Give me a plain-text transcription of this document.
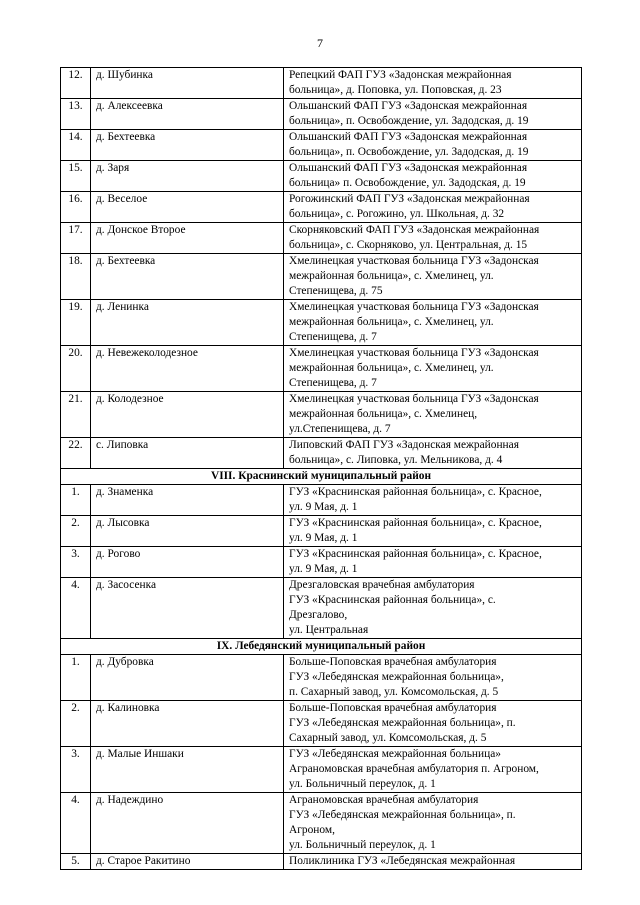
7
12.	д. Шубинка	Репецкий ФАП ГУЗ «Задонская межрайонная
больница», д. Поповка, ул. Поповская, д. 23

13.	д. Алексеевка	Ольшанский ФАП ГУЗ «Задонская межрайонная
больница», п. Освобождение, ул. Задодская, д. 19

14.	д. Бехтеевка	Ольшанский ФАП ГУЗ «Задонская межрайонная
больница», п. Освобождение, ул. Задодская, д. 19

15.	д. Заря	Ольшанский ФАП ГУЗ «Задонская межрайонная
больница» п. Освобождение, ул. Задодская, д. 19

16.	д. Веселое	Рогожинский ФАП ГУЗ «Задонская межрайонная
больница», с. Рогожино, ул. Школьная, д. 32

17.	д. Донское Второе	Скорняковский ФАП ГУЗ «Задонская межрайонная
больница», с. Скорняково, ул. Центральная, д. 15

18.	д. Бехтеевка	Хмелинецкая участковая больница ГУЗ «Задонская
межрайонная больница», с. Хмелинец, ул.
Степенищева, д. 75

19.	д. Ленинка	Хмелинецкая участковая больница ГУЗ «Задонская
межрайонная больница», с. Хмелинец, ул.
Степенищева, д. 7

20.	д. Невежеколодезное	Хмелинецкая участковая больница ГУЗ «Задонская
межрайонная больница», с. Хмелинец, ул.
Степенищева, д. 7

21.	д. Колодезное	Хмелинецкая участковая больница ГУЗ «Задонская
межрайонная больница», с. Хмелинец,
ул.Степенищева, д. 7

22.	с. Липовка	Липовский ФАП ГУЗ «Задонская межрайонная
больница», с. Липовка, ул. Мельникова, д. 4

VIII. Краснинский муниципальный район		
1.	д. Знаменка	ГУЗ «Краснинская районная больница», с. Красное,
ул. 9 Мая, д. 1

2.	д. Лысовка	ГУЗ «Краснинская районная больница», с. Красное,
ул. 9 Мая, д. 1

3.	д. Рогово	ГУЗ «Краснинская районная больница», с. Красное,
ул. 9 Мая, д. 1

4.	д. Засосенка	Дрезгаловская врачебная амбулатория
ГУЗ «Краснинская районная больница», с.
Дрезгалово,
ул. Центральная

IX. Лебедянский муниципальный район		
1.	д. Дубровка	Больше-Поповская врачебная амбулатория
ГУЗ «Лебедянская межрайонная больница»,
п. Сахарный завод, ул. Комсомольская, д. 5

2.	д. Калиновка	Больше-Поповская врачебная амбулатория
ГУЗ «Лебедянская межрайонная больница», п.
Сахарный завод, ул. Комсомольская, д. 5

3.	д. Малые Иншаки	ГУЗ «Лебедянская межрайонная больница»
Аграномовская врачебная амбулатория п. Агроном,
ул. Больничный переулок, д. 1

4.	д. Надеждино	Аграномовская врачебная амбулатория
ГУЗ «Лебедянская межрайонная больница», п.
Агроном,
ул. Больничный переулок, д. 1

5.	д. Старое Ракитино	Поликлиника ГУЗ «Лебедянская межрайонная
